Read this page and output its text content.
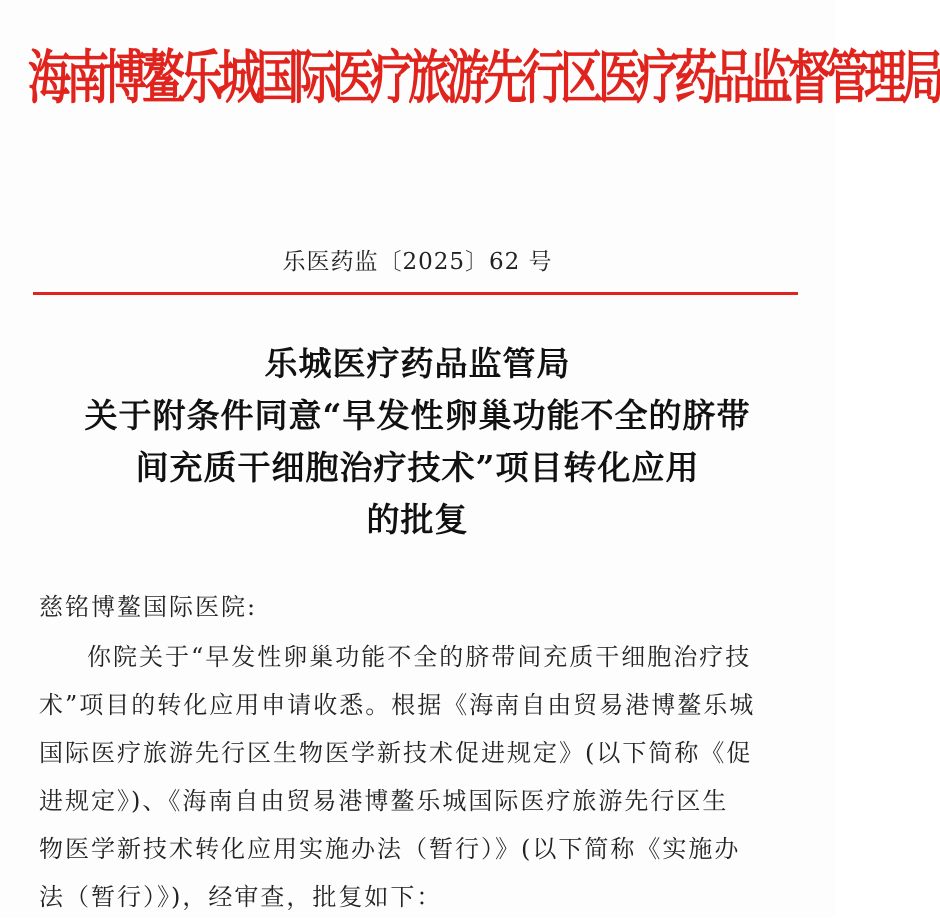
海南博鳌乐城国际医疗旅游先行区医疗药品监督管理局
乐医药监〔2025〕62 号
乐城医疗药品监管局
关于附条件同意“早发性卵巢功能不全的脐带
间充质干细胞治疗技术”项目转化应用
的批复
慈铭博鳌国际医院:
你院关于“早发性卵巢功能不全的脐带间充质干细胞治疗技
术”项目的转化应用申请收悉。根据《海南自由贸易港博鳌乐城
国际医疗旅游先行区生物医学新技术促进规定》(以下简称《促
进规定》)、《海南自由贸易港博鳌乐城国际医疗旅游先行区生
物医学新技术转化应用实施办法（暂行）》(以下简称《实施办
法（暂行）》)，经审查，批复如下：
